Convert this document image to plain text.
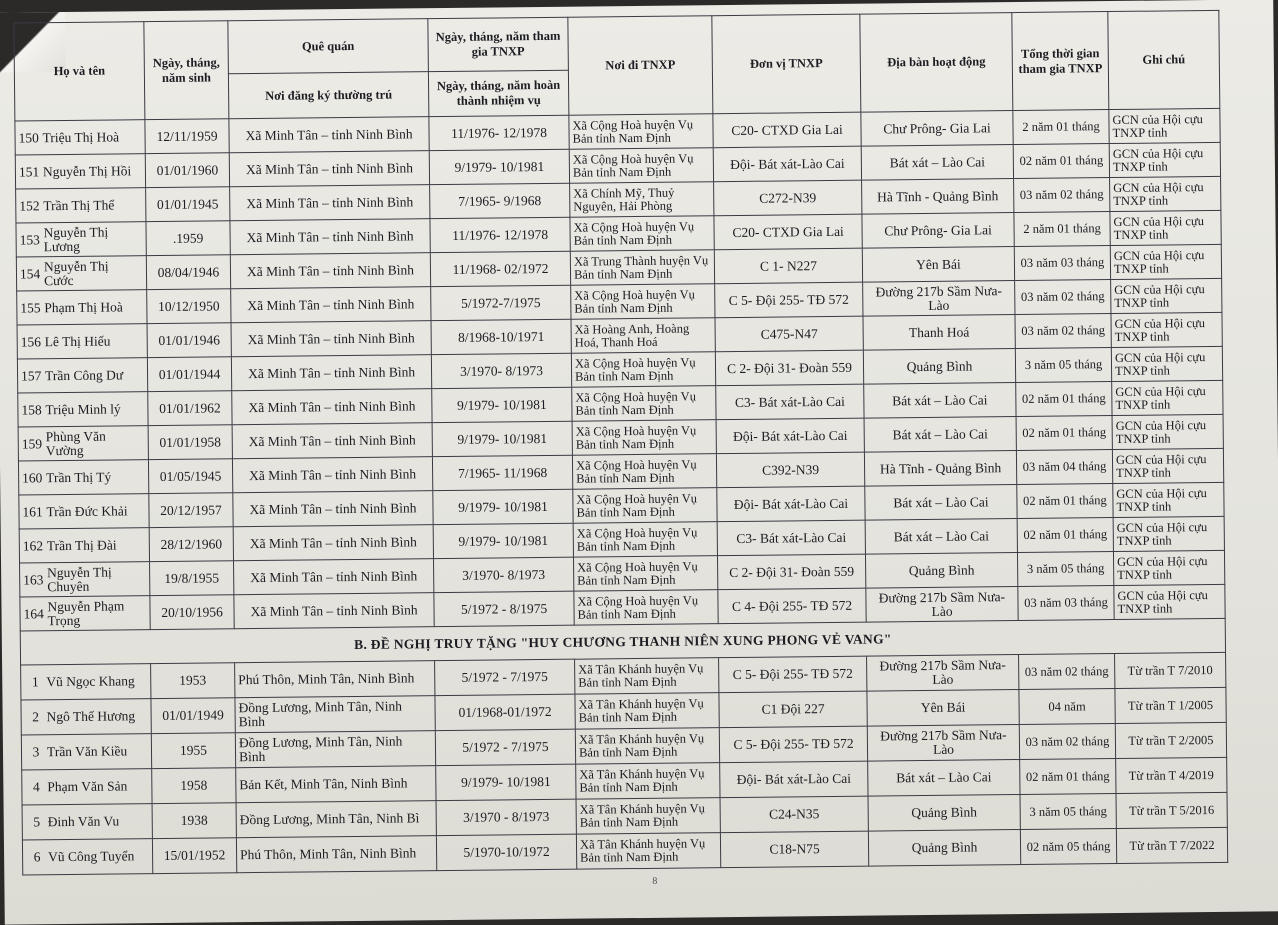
Họ và tên	Ngày, tháng, năm sinh	Quê quán	Ngày, tháng, năm tham gia TNXP	Nơi đi TNXP	Đơn vị TNXP	Địa bàn hoạt động	Tổng thời gian tham gia TNXP	Ghi chú
		Nơi đăng ký thường trú	Ngày, tháng, năm hoàn thành nhiệm vụ					
150 Triệu Thị Hoà	12/11/1959	Xã Minh Tân – tỉnh Ninh Bình	11/1976- 12/1978	Xã Cộng Hoà huyện Vụ Bản tỉnh Nam Định	C20- CTXD Gia Lai	Chư Prông- Gia Lai	2 năm 01 tháng	GCN của Hội cựu TNXP tỉnh
151 Nguyễn Thị Hồi	01/01/1960	Xã Minh Tân – tỉnh Ninh Bình	9/1979- 10/1981	Xã Cộng Hoà huyện Vụ Bản tỉnh Nam Định	Đội- Bát xát-Lào Cai	Bát xát – Lào Cai	02 năm 01 tháng	GCN của Hội cựu TNXP tỉnh
152 Trần Thị Thể	01/01/1945	Xã Minh Tân – tỉnh Ninh Bình	7/1965- 9/1968	Xã Chính Mỹ, Thuỷ Nguyên, Hải Phòng	C272-N39	Hà Tĩnh - Quảng Bình	03 năm 02 tháng	GCN của Hội cựu TNXP tỉnh
153 Nguyễn Thị Lương	.1959	Xã Minh Tân – tỉnh Ninh Bình	11/1976- 12/1978	Xã Cộng Hoà huyện Vụ Bản tỉnh Nam Định	C20- CTXD Gia Lai	Chư Prông- Gia Lai	2 năm 01 tháng	GCN của Hội cựu TNXP tỉnh
154 Nguyễn Thị Cước	08/04/1946	Xã Minh Tân – tỉnh Ninh Bình	11/1968- 02/1972	Xã Trung Thành huyện Vụ Bản tỉnh Nam Định	C 1- N227	Yên Bái	03 năm 03 tháng	GCN của Hội cựu TNXP tỉnh
155 Phạm Thị Hoà	10/12/1950	Xã Minh Tân – tỉnh Ninh Bình	5/1972-7/1975	Xã Cộng Hoà huyện Vụ Bản tỉnh Nam Định	C 5- Đội 255- TĐ 572	Đường 217b Sầm Nưa- Lào	03 năm 02 tháng	GCN của Hội cựu TNXP tỉnh
156 Lê Thị Hiếu	01/01/1946	Xã Minh Tân – tỉnh Ninh Bình	8/1968-10/1971	Xã Hoàng Anh, Hoàng Hoá, Thanh Hoá	C475-N47	Thanh Hoá	03 năm 02 tháng	GCN của Hội cựu TNXP tỉnh
157 Trần Công Dư	01/01/1944	Xã Minh Tân – tỉnh Ninh Bình	3/1970- 8/1973	Xã Cộng Hoà huyện Vụ Bản tỉnh Nam Định	C 2- Đội 31- Đoàn 559	Quảng Bình	3 năm 05 tháng	GCN của Hội cựu TNXP tỉnh
158 Triệu Minh lý	01/01/1962	Xã Minh Tân – tỉnh Ninh Bình	9/1979- 10/1981	Xã Cộng Hoà huyện Vụ Bản tỉnh Nam Định	C3- Bát xát-Lào Cai	Bát xát – Lào Cai	02 năm 01 tháng	GCN của Hội cựu TNXP tỉnh
159 Phùng Văn Vường	01/01/1958	Xã Minh Tân – tỉnh Ninh Bình	9/1979- 10/1981	Xã Cộng Hoà huyện Vụ Bản tỉnh Nam Định	Đội- Bát xát-Lào Cai	Bát xát – Lào Cai	02 năm 01 tháng	GCN của Hội cựu TNXP tỉnh
160 Trần Thị Tý	01/05/1945	Xã Minh Tân – tỉnh Ninh Bình	7/1965- 11/1968	Xã Cộng Hoà huyện Vụ Bản tỉnh Nam Định	C392-N39	Hà Tĩnh - Quảng Bình	03 năm 04 tháng	GCN của Hội cựu TNXP tỉnh
161 Trần Đức Khải	20/12/1957	Xã Minh Tân – tỉnh Ninh Bình	9/1979- 10/1981	Xã Cộng Hoà huyện Vụ Bản tỉnh Nam Định	Đội- Bát xát-Lào Cai	Bát xát – Lào Cai	02 năm 01 tháng	GCN của Hội cựu TNXP tỉnh
162 Trần Thị Đài	28/12/1960	Xã Minh Tân – tỉnh Ninh Bình	9/1979- 10/1981	Xã Cộng Hoà huyện Vụ Bản tỉnh Nam Định	C3- Bát xát-Lào Cai	Bát xát – Lào Cai	02 năm 01 tháng	GCN của Hội cựu TNXP tỉnh
163 Nguyễn Thị Chuyên	19/8/1955	Xã Minh Tân – tỉnh Ninh Bình	3/1970- 8/1973	Xã Cộng Hoà huyện Vụ Bản tỉnh Nam Định	C 2- Đội 31- Đoàn 559	Quảng Bình	3 năm 05 tháng	GCN của Hội cựu TNXP tỉnh
164 Nguyễn Phạm Trọng	20/10/1956	Xã Minh Tân – tỉnh Ninh Bình	5/1972 - 8/1975	Xã Cộng Hoà huyện Vụ Bản tỉnh Nam Định	C 4- Đội 255- TĐ 572	Đường 217b Sầm Nưa- Lào	03 năm 03 tháng	GCN của Hội cựu TNXP tỉnh
B. ĐỀ NGHỊ TRUY TẶNG "HUY CHƯƠNG THANH NIÊN XUNG PHONG VẺ VANG"								
1 Vũ Ngọc Khang	1953	Phú Thôn, Minh Tân, Ninh Bình	5/1972 - 7/1975	Xã Tân Khánh huyện Vụ Bản tỉnh Nam Định	C 5- Đội 255- TĐ 572	Đường 217b Sầm Nưa- Lào	03 năm 02 tháng	Từ trần T 7/2010
2 Ngô Thế Hương	01/01/1949	Đồng Lương, Minh Tân, Ninh Bình	01/1968-01/1972	Xã Tân Khánh huyện Vụ Bản tỉnh Nam Định	C1 Đội 227	Yên Bái	04 năm	Từ trần T 1/2005
3 Trần Văn Kiều	1955	Đồng Lương, Minh Tân, Ninh Bình	5/1972 - 7/1975	Xã Tân Khánh huyện Vụ Bản tỉnh Nam Định	C 5- Đội 255- TĐ 572	Đường 217b Sầm Nưa- Lào	03 năm 02 tháng	Từ trần T 2/2005
4 Phạm Văn Sản	1958	Bản Kết, Minh Tân, Ninh Bình	9/1979- 10/1981	Xã Tân Khánh huyện Vụ Bản tỉnh Nam Định	Đội- Bát xát-Lào Cai	Bát xát – Lào Cai	02 năm 01 tháng	Từ trần T 4/2019
5 Đinh Văn Vu	1938	Đồng Lương, Minh Tân, Ninh Bì	3/1970 - 8/1973	Xã Tân Khánh huyện Vụ Bản tỉnh Nam Định	C24-N35	Quảng Bình	3 năm 05 tháng	Từ trần T 5/2016
6 Vũ Công Tuyển	15/01/1952	Phú Thôn, Minh Tân, Ninh Bình	5/1970-10/1972	Xã Tân Khánh huyện Vụ Bản tỉnh Nam Định	C18-N75	Quảng Bình	02 năm 05 tháng	Từ trần T 7/2022
8
